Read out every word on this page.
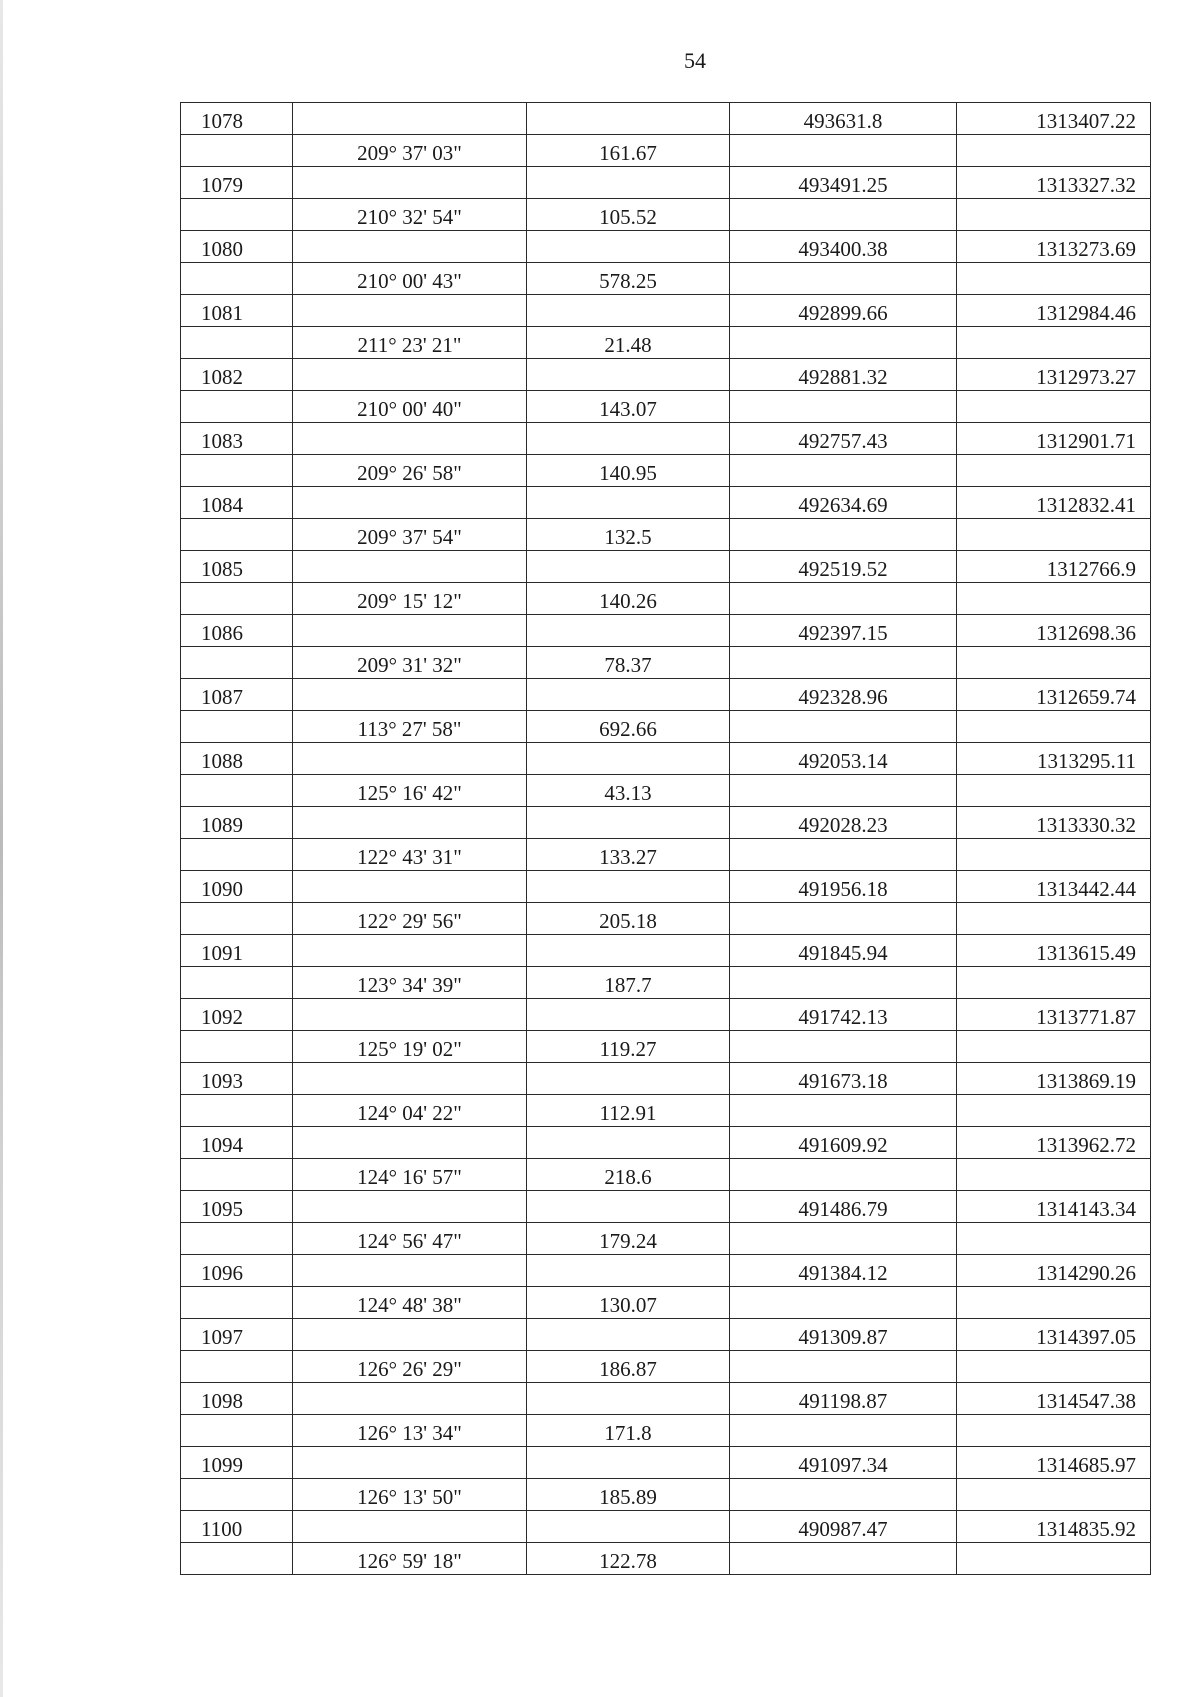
54
1078			493631.8	1313407.22
	209° 37' 03"	161.67		
1079			493491.25	1313327.32
	210° 32' 54"	105.52		
1080			493400.38	1313273.69
	210° 00' 43"	578.25		
1081			492899.66	1312984.46
	211° 23' 21"	21.48		
1082			492881.32	1312973.27
	210° 00' 40"	143.07		
1083			492757.43	1312901.71
	209° 26' 58"	140.95		
1084			492634.69	1312832.41
	209° 37' 54"	132.5		
1085			492519.52	1312766.9
	209° 15' 12"	140.26		
1086			492397.15	1312698.36
	209° 31' 32"	78.37		
1087			492328.96	1312659.74
	113° 27' 58"	692.66		
1088			492053.14	1313295.11
	125° 16' 42"	43.13		
1089			492028.23	1313330.32
	122° 43' 31"	133.27		
1090			491956.18	1313442.44
	122° 29' 56"	205.18		
1091			491845.94	1313615.49
	123° 34' 39"	187.7		
1092			491742.13	1313771.87
	125° 19' 02"	119.27		
1093			491673.18	1313869.19
	124° 04' 22"	112.91		
1094			491609.92	1313962.72
	124° 16' 57"	218.6		
1095			491486.79	1314143.34
	124° 56' 47"	179.24		
1096			491384.12	1314290.26
	124° 48' 38"	130.07		
1097			491309.87	1314397.05
	126° 26' 29"	186.87		
1098			491198.87	1314547.38
	126° 13' 34"	171.8		
1099			491097.34	1314685.97
	126° 13' 50"	185.89		
1100			490987.47	1314835.92
	126° 59' 18"	122.78		
